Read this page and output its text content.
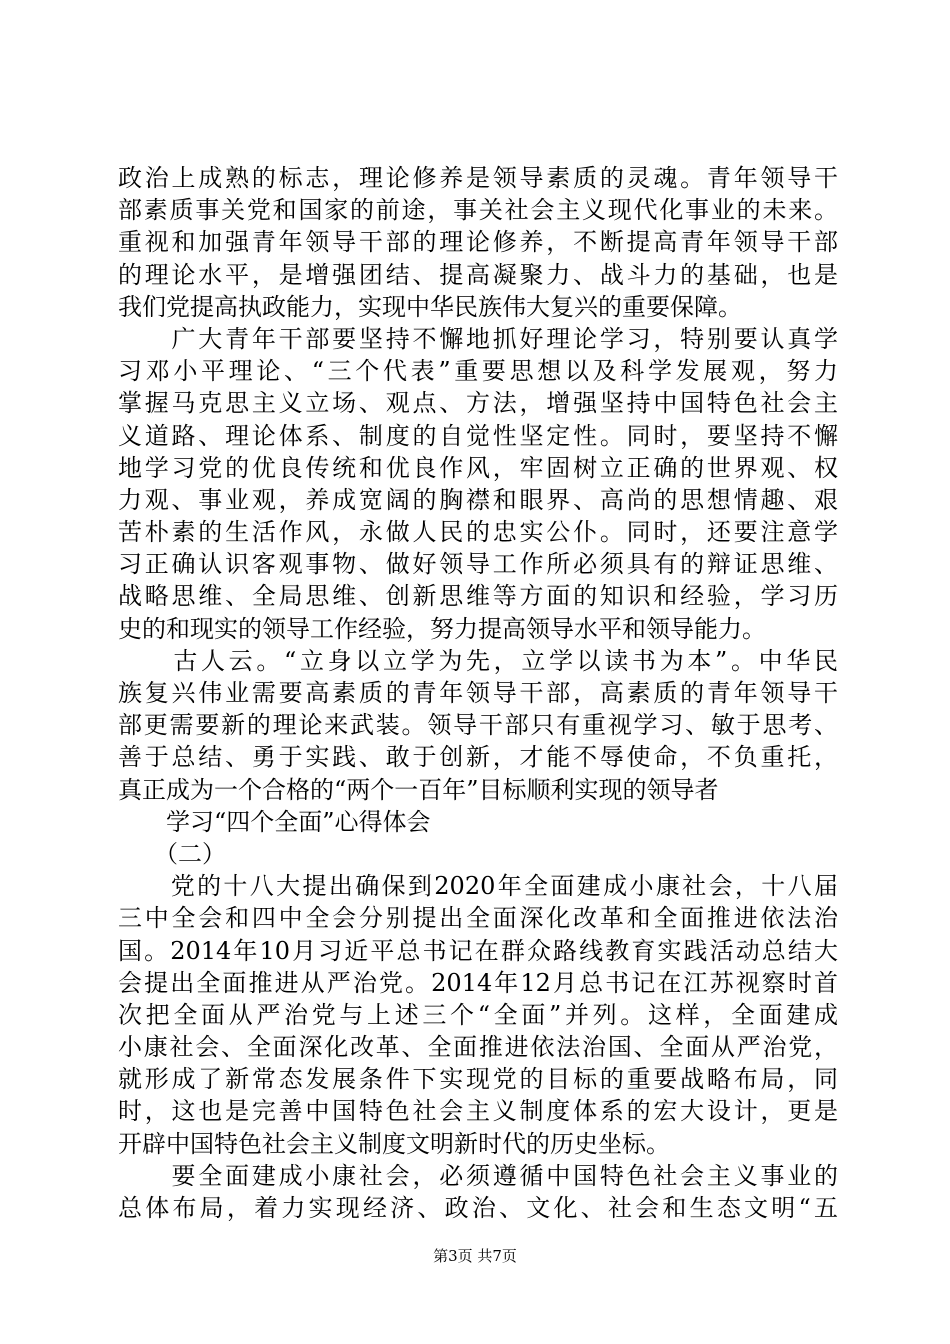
政治上成熟的标志，理论修养是领导素质的灵魂。青年领导干
部素质事关党和国家的前途，事关社会主义现代化事业的未来。
重视和加强青年领导干部的理论修养，不断提高青年领导干部
的理论水平，是增强团结、提高凝聚力、战斗力的基础，也是
我们党提高执政能力，实现中华民族伟大复兴的重要保障。
　　广大青年干部要坚持不懈地抓好理论学习，特别要认真学
习邓小平理论、“三个代表”重要思想以及科学发展观，努力
掌握马克思主义立场、观点、方法，增强坚持中国特色社会主
义道路、理论体系、制度的自觉性坚定性。同时，要坚持不懈
地学习党的优良传统和优良作风，牢固树立正确的世界观、权
力观、事业观，养成宽阔的胸襟和眼界、高尚的思想情趣、艰
苦朴素的生活作风，永做人民的忠实公仆。同时，还要注意学
习正确认识客观事物、做好领导工作所必须具有的辩证思维、
战略思维、全局思维、创新思维等方面的知识和经验，学习历
史的和现实的领导工作经验，努力提高领导水平和领导能力。
　　古人云。“立身以立学为先，立学以读书为本”。中华民
族复兴伟业需要高素质的青年领导干部，高素质的青年领导干
部更需要新的理论来武装。领导干部只有重视学习、敏于思考、
善于总结、勇于实践、敢于创新，才能不辱使命，不负重托，
真正成为一个合格的“两个一百年”目标顺利实现的领导者
　　学习“四个全面”心得体会
　　（二）
　　党的十八大提出确保到2020年全面建成小康社会，十八届
三中全会和四中全会分别提出全面深化改革和全面推进依法治
国。2014年10月习近平总书记在群众路线教育实践活动总结大
会提出全面推进从严治党。2014年12月总书记在江苏视察时首
次把全面从严治党与上述三个“全面”并列。这样，全面建成
小康社会、全面深化改革、全面推进依法治国、全面从严治党，
就形成了新常态发展条件下实现党的目标的重要战略布局，同
时，这也是完善中国特色社会主义制度体系的宏大设计，更是
开辟中国特色社会主义制度文明新时代的历史坐标。
　　要全面建成小康社会，必须遵循中国特色社会主义事业的
总体布局，着力实现经济、政治、文化、社会和生态文明“五
第3页 共7页
